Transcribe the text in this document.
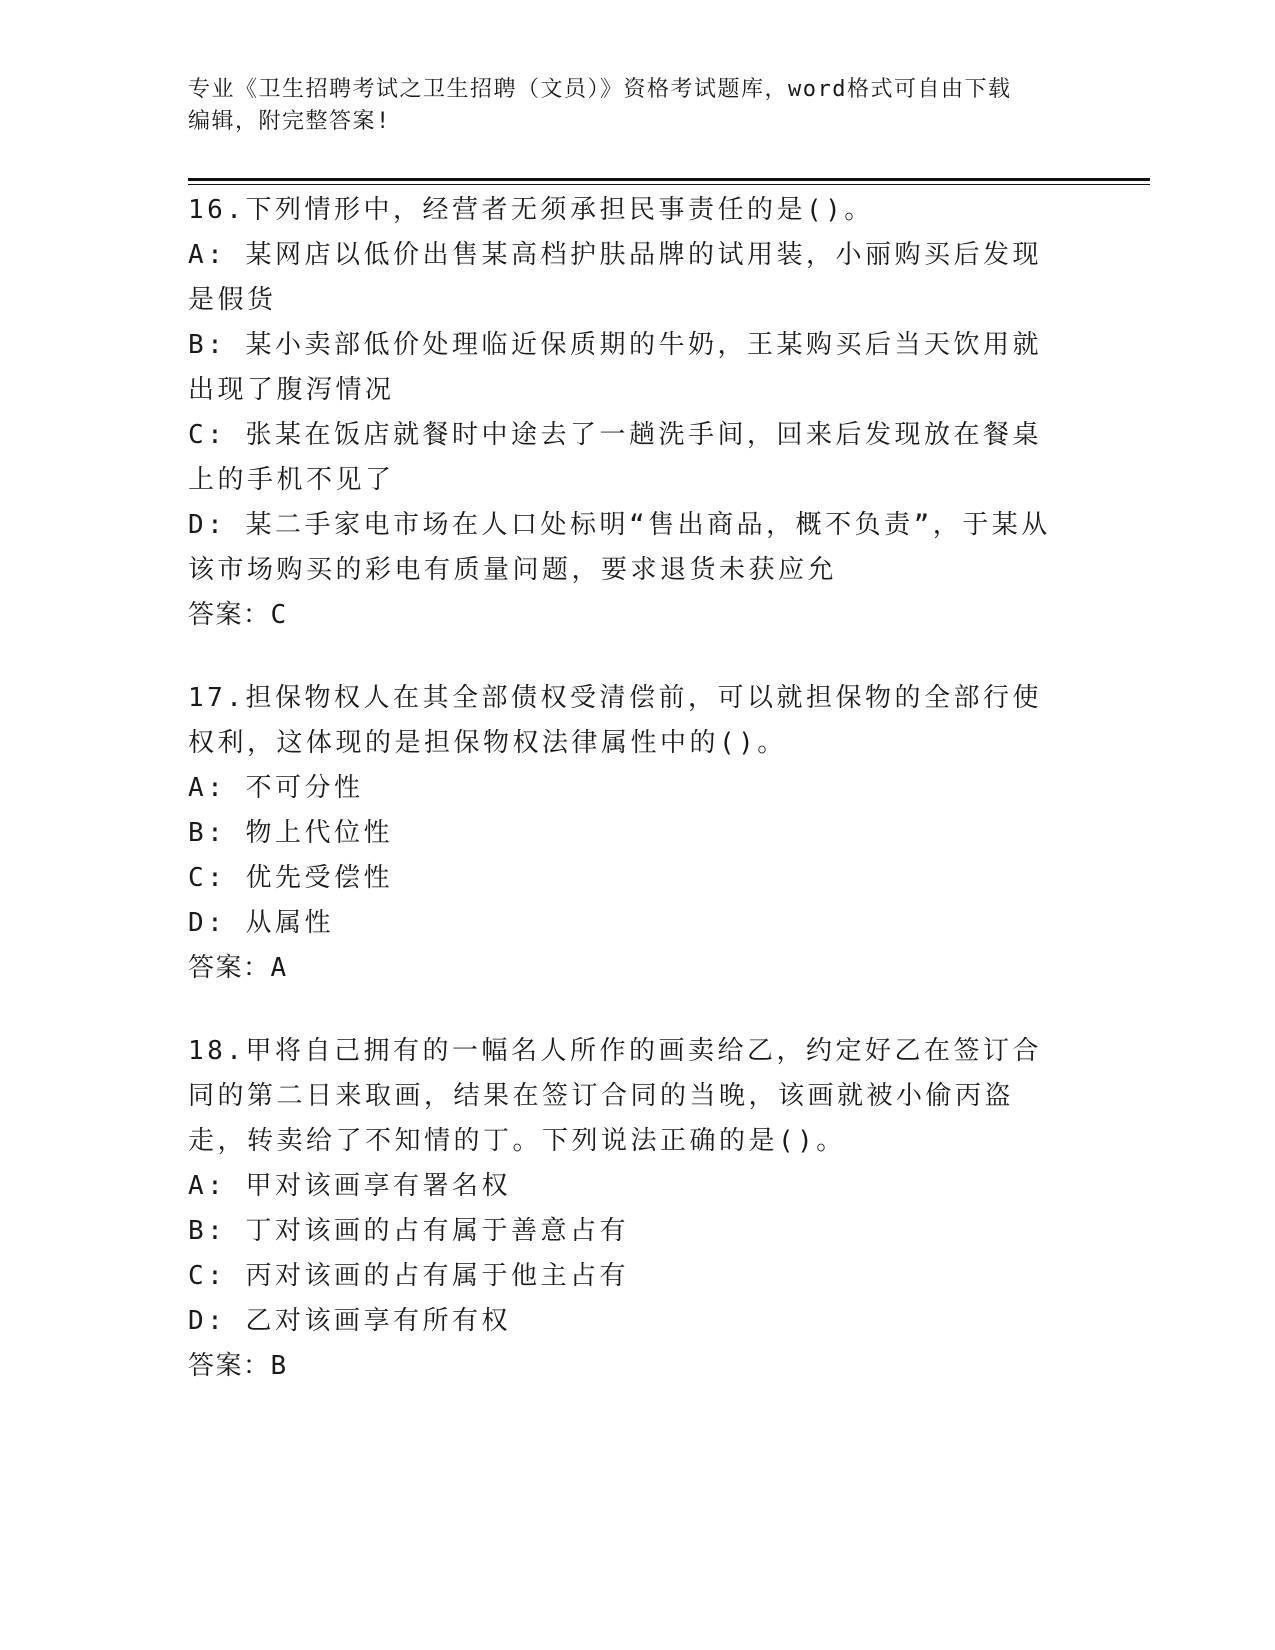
专业《卫生招聘考试之卫生招聘（文员）》资格考试题库，word格式可自由下载
编辑，附完整答案!
16.下列情形中，经营者无须承担民事责任的是()。
A: 某网店以低价出售某高档护肤品牌的试用装，小丽购买后发现是假货
B: 某小卖部低价处理临近保质期的牛奶，王某购买后当天饮用就出现了腹泻情况
C: 张某在饭店就餐时中途去了一趟洗手间，回来后发现放在餐桌上的手机不见了
D: 某二手家电市场在人口处标明“售出商品，概不负责”，于某从该市场购买的彩电有质量问题，要求退货未获应允
答案：C
17.担保物权人在其全部债权受清偿前，可以就担保物的全部行使权利，这体现的是担保物权法律属性中的()。
A: 不可分性
B: 物上代位性
C: 优先受偿性
D: 从属性
答案：A
18.甲将自己拥有的一幅名人所作的画卖给乙，约定好乙在签订合同的第二日来取画，结果在签订合同的当晚，该画就被小偷丙盗走，转卖给了不知情的丁。下列说法正确的是()。
A: 甲对该画享有署名权
B: 丁对该画的占有属于善意占有
C: 丙对该画的占有属于他主占有
D: 乙对该画享有所有权
答案：B
